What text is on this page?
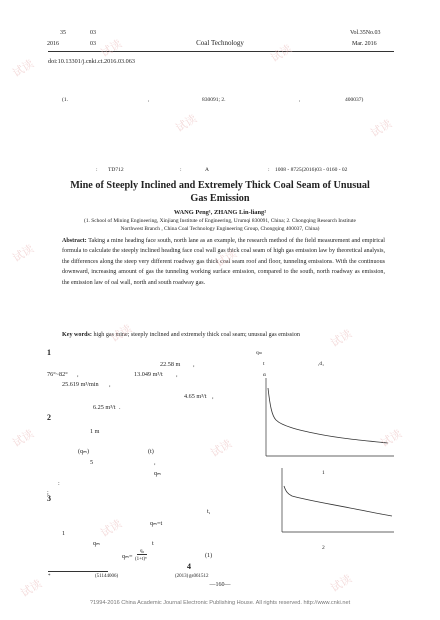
35	03
2016	03	Coal Technology
Vol.35No.03
Mar. 2016
doi:10.13301/j.cnki.ct.2016.03.063
(1.	,	830091; 2.	,	400037)
: TD712	:	A	: 1008 - 8725(2016)03 - 0160 - 02
Mine of Steeply Inclined and Extremely Thick Coal Seam of Unusual
Gas Emission
WANG Peng¹, ZHANG Lin-liang²
(1. School of Mining Engineering, Xinjiang Institute of Engineering, Urumqi 830091, China; 2. Chongqing Research Institute
Northwest Branch , China Coal Technology Engineering Group, Chongqing 400037, China)
Abstract: Taking a mine heading face south, north lane as an example, the research method of the field measurement and empirical formula to calculate the steeply inclined heading face coal wall gas thick coal seam of high gas emission law by theoretical analysis, the differences along the steep very different roadway gas thick coal seam roof and floor, tunneling emissions. With the continuous downward, increasing amount of gas the tunneling working surface emission, compared to the south, north roadway as emission, the emission law of oal wall, north and south roadway gas.
Key words: high gas mine; steeply inclined and extremely thick coal seam; unusual gas emission
1
22.58 m ,
76°~82° ,	13.049 m³/t ,
25.619 m³/min ,
4.65 m³/t ,
6.25 m³/t .
2
1 m
(qₘ)	(t)
5	,
qₘ
:
;
3
t,
qₘ=t
1
qₘ	t
qₘ=
q₀
(1+t)ⁿ
(1)
4
qₘ
t	,d₁
α
1
2
*	(51144006)	(2013) gs061512
—160—
?1994-2016 China Academic Journal Electronic Publishing House. All rights reserved. http://www.cnki.net
试读
试读
试读
试读
试读
试读
试读
试读
试读
试读
试读
试读	试读
试读	试读
